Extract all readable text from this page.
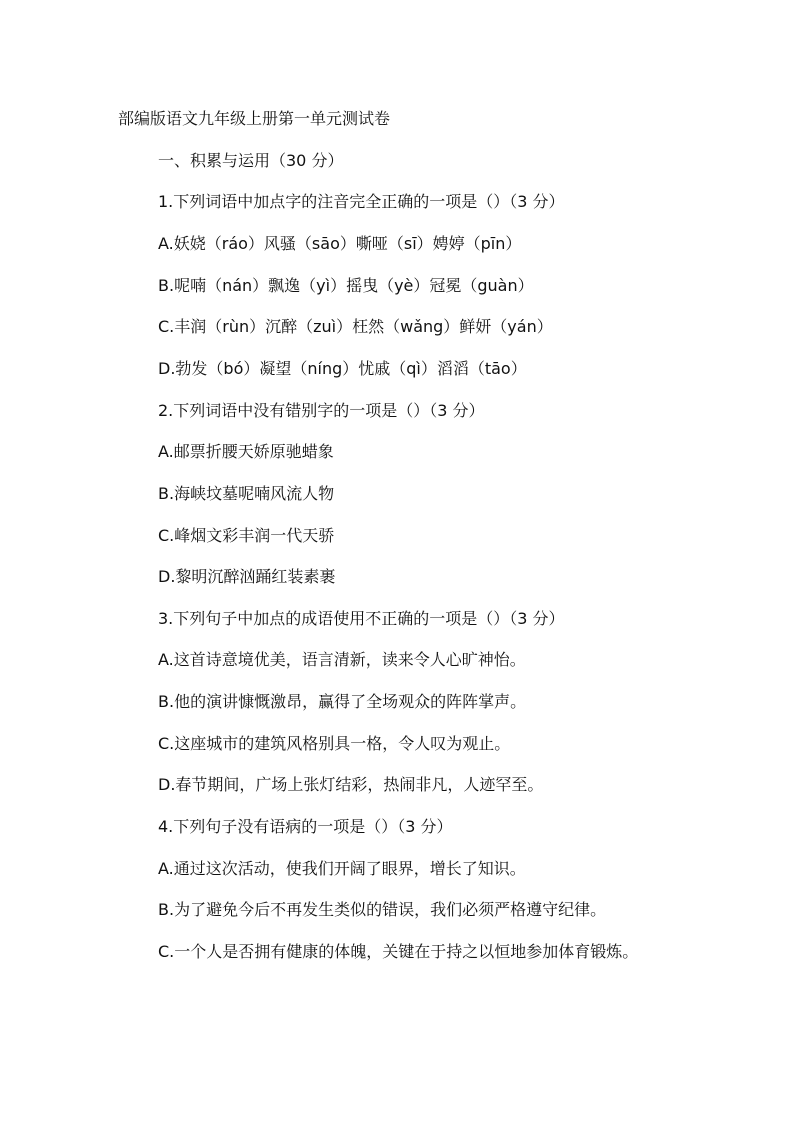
部编版语文九年级上册第一单元测试卷
一、积累与运用（30 分）
1.下列词语中加点字的注音完全正确的一项是（）（3 分）
A.妖娆（ráo）风骚（sāo）嘶哑（sī）娉婷（pīn）
B.呢喃（nán）飘逸（yì）摇曳（yè）冠冕（guàn）
C.丰润（rùn）沉醉（zuì）枉然（wǎng）鲜妍（yán）
D.勃发（bó）凝望（níng）忧戚（qì）滔滔（tāo）
2.下列词语中没有错别字的一项是（）（3 分）
A.邮票折腰天娇原驰蜡象
B.海峡坟墓呢喃风流人物
C.峰烟文彩丰润一代天骄
D.黎明沉醉汹踊红装素裹
3.下列句子中加点的成语使用不正确的一项是（）（3 分）
A.这首诗意境优美，语言清新，读来令人心旷神怡。
B.他的演讲慷慨激昂，赢得了全场观众的阵阵掌声。
C.这座城市的建筑风格别具一格，令人叹为观止。
D.春节期间，广场上张灯结彩，热闹非凡，人迹罕至。
4.下列句子没有语病的一项是（）（3 分）
A.通过这次活动，使我们开阔了眼界，增长了知识。
B.为了避免今后不再发生类似的错误，我们必须严格遵守纪律。
C.一个人是否拥有健康的体魄，关键在于持之以恒地参加体育锻炼。
